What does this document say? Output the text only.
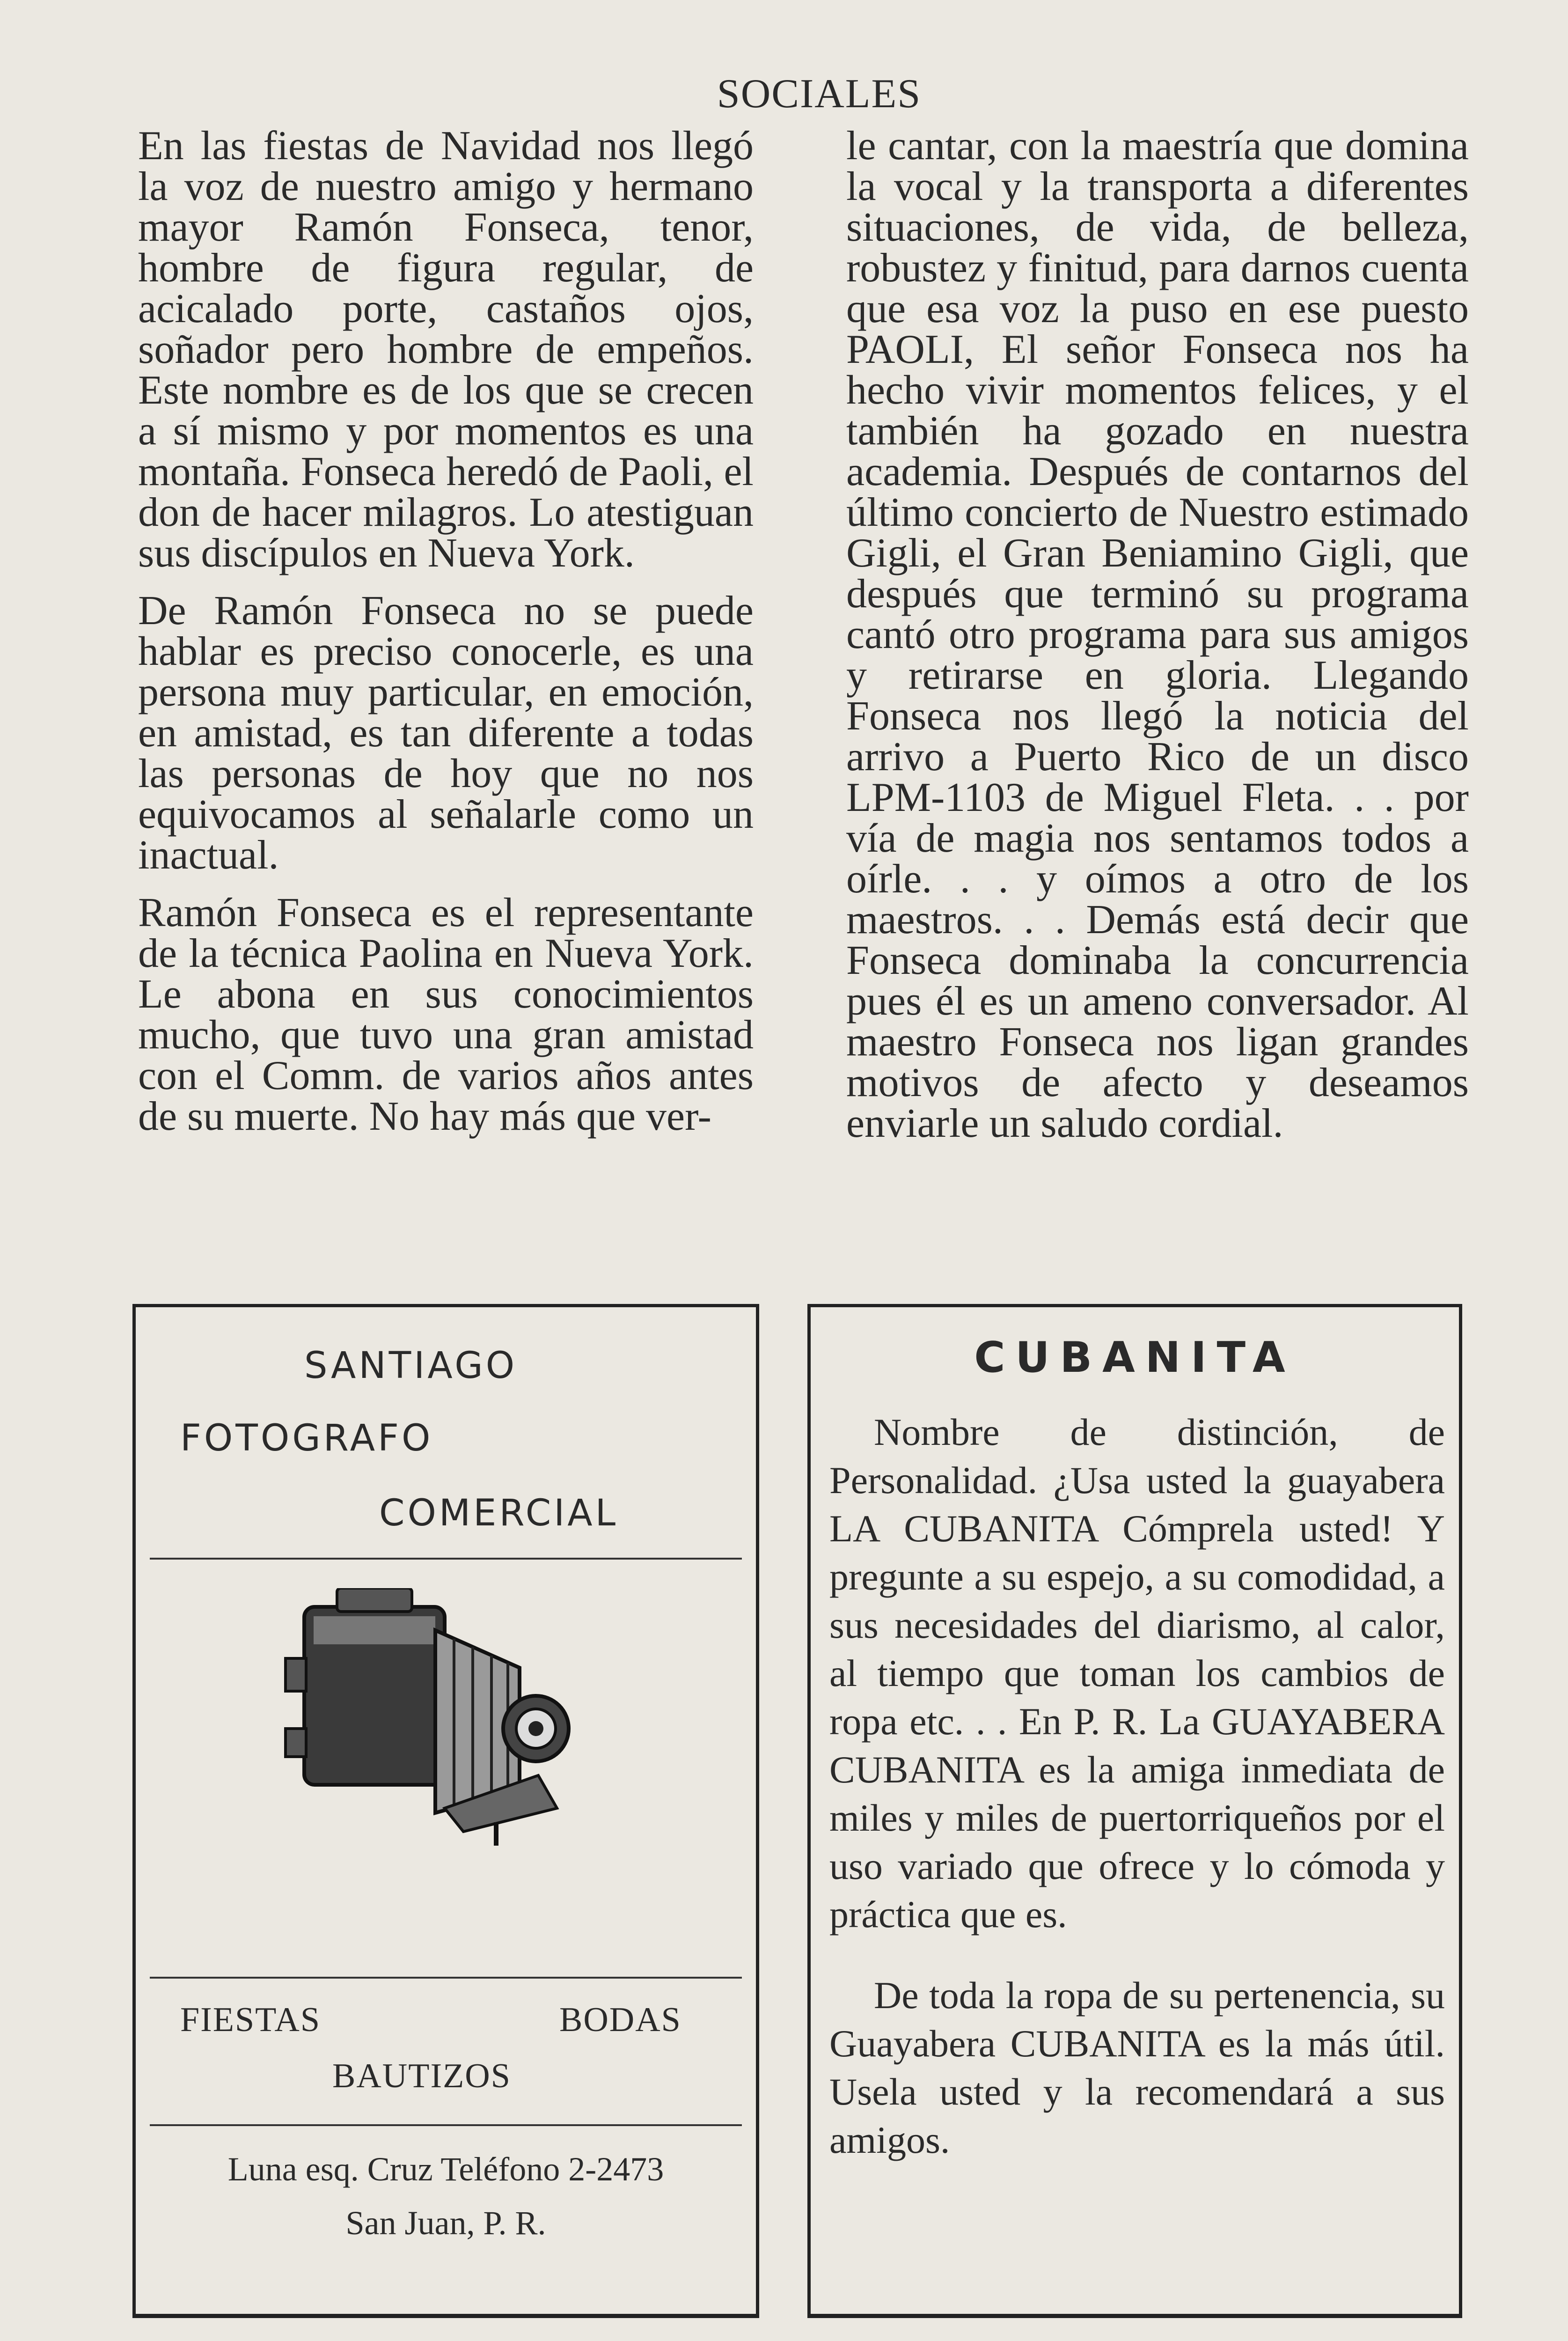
SOCIALES

En las fiestas de Navidad nos llegó la voz de nuestro amigo y hermano mayor Ramón Fonseca, tenor, hombre de figura regular, de acicalado porte, castaños ojos, soñador pero hombre de empeños. Este nombre es de los que se crecen a sí mismo y por momentos es una montaña. Fonseca heredó de Paoli, el don de hacer milagros. Lo atestiguan sus discípulos en Nueva York.

De Ramón Fonseca no se puede hablar es preciso conocerle, es una persona muy particular, en emoción, en amistad, es tan diferente a todas las personas de hoy que no nos equivocamos al señalarle como un inactual.

Ramón Fonseca es el representante de la técnica Paolina en Nueva York. Le abona en sus conocimientos mucho, que tuvo una gran amistad con el Comm. de varios años antes de su muerte. No hay más que ver-

le cantar, con la maestría que domina la vocal y la transporta a diferentes situaciones, de vida, de belleza, robustez y finitud, para darnos cuenta que esa voz la puso en ese puesto PAOLI, El señor Fonseca nos ha hecho vivir momentos felices, y el también ha gozado en nuestra academia. Después de contarnos del último concierto de Nuestro estimado Gigli, el Gran Beniamino Gigli, que después que terminó su programa cantó otro programa para sus amigos y retirarse en gloria. Llegando Fonseca nos llegó la noticia del arrivo a Puerto Rico de un disco LPM-1103 de Miguel Fleta. . . por vía de magia nos sentamos todos a oírle. . . y oímos a otro de los maestros. . . Demás está decir que Fonseca dominaba la concurrencia pues él es un ameno conversador. Al maestro Fonseca nos ligan grandes motivos de afecto y deseamos enviarle un saludo cordial.

SANTIAGO
FOTOGRAFO
COMERCIAL
FIESTAS	BODAS
BAUTIZOS
Luna esq. Cruz Teléfono 2-2473
San Juan, P. R.
CUBANITA

Nombre de distinción, de Personalidad. ¿Usa usted la guayabera LA CUBANITA Cómprela usted! Y pregunte a su espejo, a su comodidad, a sus necesidades del diarismo, al calor, al tiempo que toman los cambios de ropa etc. . . En P. R. La GUAYABERA CUBANITA es la amiga inmediata de miles y miles de puertorriqueños por el uso variado que ofrece y lo cómoda y práctica que es.

De toda la ropa de su pertenencia, su Guayabera CUBANITA es la más útil. Usela usted y la recomendará a sus amigos.
